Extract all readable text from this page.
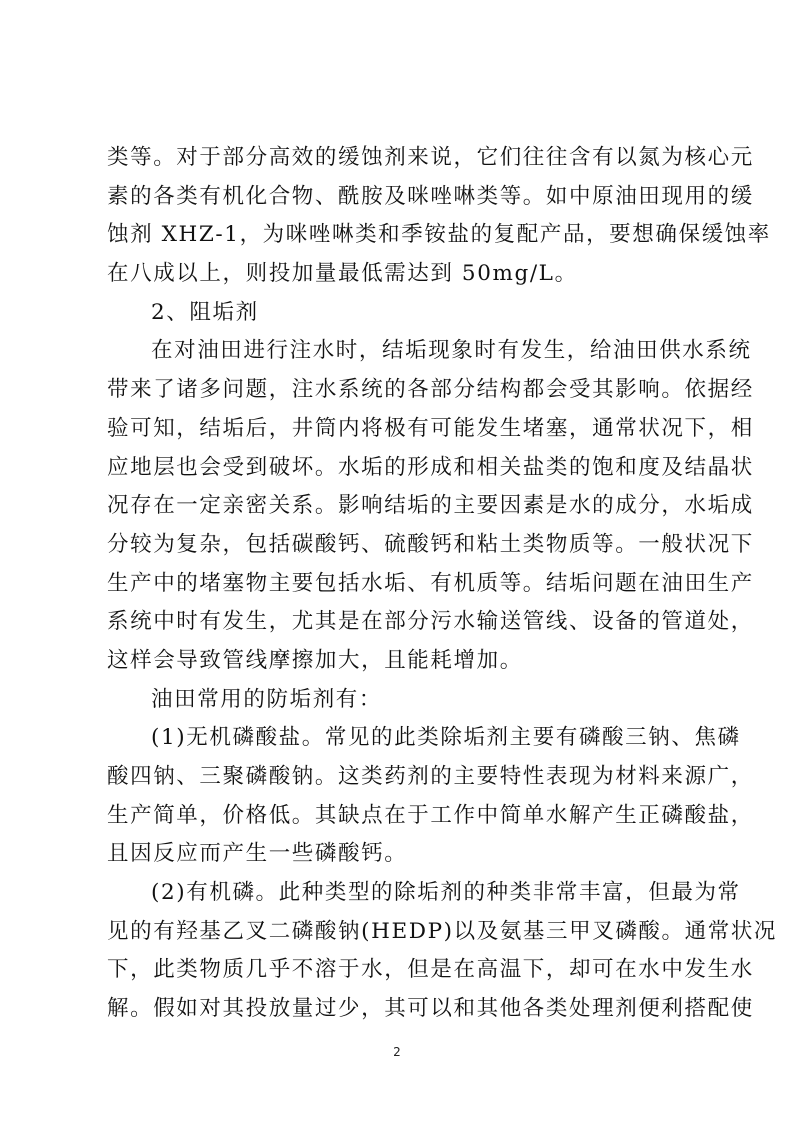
类等。对于部分高效的缓蚀剂来说，它们往往含有以氮为核心元
素的各类有机化合物、酰胺及咪唑啉类等。如中原油田现用的缓
蚀剂 XHZ-1，为咪唑啉类和季铵盐的复配产品，要想确保缓蚀率
在八成以上，则投加量最低需达到 50mg/L。
2、阻垢剂
在对油田进行注水时，结垢现象时有发生，给油田供水系统
带来了诸多问题，注水系统的各部分结构都会受其影响。依据经
验可知，结垢后，井筒内将极有可能发生堵塞，通常状况下，相
应地层也会受到破坏。水垢的形成和相关盐类的饱和度及结晶状
况存在一定亲密关系。影响结垢的主要因素是水的成分，水垢成
分较为复杂，包括碳酸钙、硫酸钙和粘土类物质等。一般状况下
生产中的堵塞物主要包括水垢、有机质等。结垢问题在油田生产
系统中时有发生，尤其是在部分污水输送管线、设备的管道处，
这样会导致管线摩擦加大，且能耗增加。
油田常用的防垢剂有：
(1)无机磷酸盐。常见的此类除垢剂主要有磷酸三钠、焦磷
酸四钠、三聚磷酸钠。这类药剂的主要特性表现为材料来源广，
生产简单，价格低。其缺点在于工作中简单水解产生正磷酸盐，
且因反应而产生一些磷酸钙。
(2)有机磷。此种类型的除垢剂的种类非常丰富，但最为常
见的有羟基乙叉二磷酸钠(HEDP)以及氨基三甲叉磷酸。通常状况
下，此类物质几乎不溶于水，但是在高温下，却可在水中发生水
解。假如对其投放量过少，其可以和其他各类处理剂便利搭配使
2
